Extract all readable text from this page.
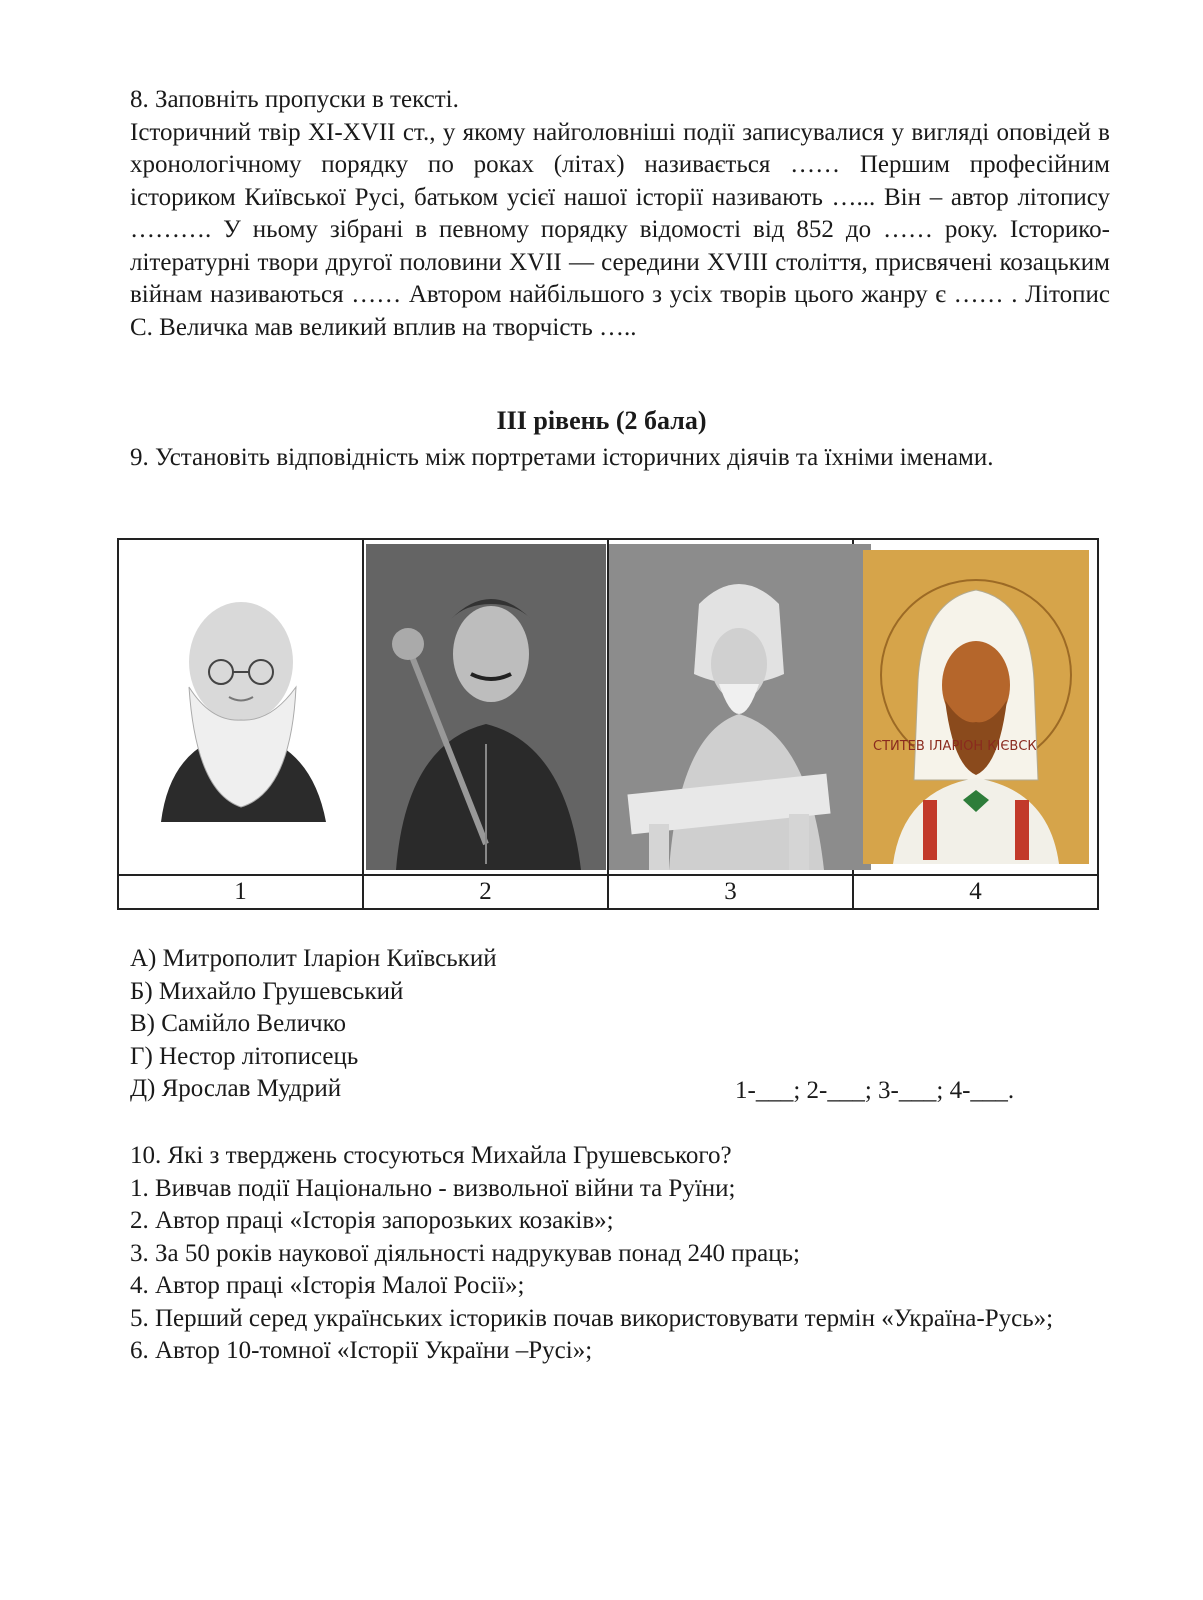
8. Заповніть пропуски в тексті.

Історичний твір XI-XVII ст., у якому найголовніші події записувалися у вигляді оповідей в хронологічному порядку по роках (літах) називається …… Першим професійним істориком Київської Русі, батьком усієї нашої історії називають …... Він – автор літопису ………. У ньому зібрані в певному порядку відомості від 852 до …… року. Історико-літературні твори другої половини XVII — середини XVIII століття, присвячені козацьким війнам називаються …… Автором найбільшого з усіх творів цього жанру є …… . Літопис С. Величка мав великий вплив на творчість …..

ІІІ рівень (2 бала)
9. Установіть відповідність між портретами історичних діячів та їхніми іменами.

СТИТЕВ ІЛАРІОН КІЄВСК

1	2	3	4

А) Митрополит Іларіон Київський

Б) Михайло Грушевський

В) Самійло Величко

Г) Нестор літописець

Д) Ярослав Мудрий	1-___; 2-___; 3-___; 4-___.

10. Які з тверджень стосуються Михайла Грушевського?

1. Вивчав події Національно - визвольної війни та Руїни;

2. Автор праці «Історія запорозьких козаків»;

3. За 50 років наукової діяльності надрукував понад 240 праць;

4. Автор праці «Історія Малої Росії»;

5. Перший серед українських істориків почав використовувати термін «Україна-Русь»;

6. Автор 10-томної «Історії України –Русі»;
